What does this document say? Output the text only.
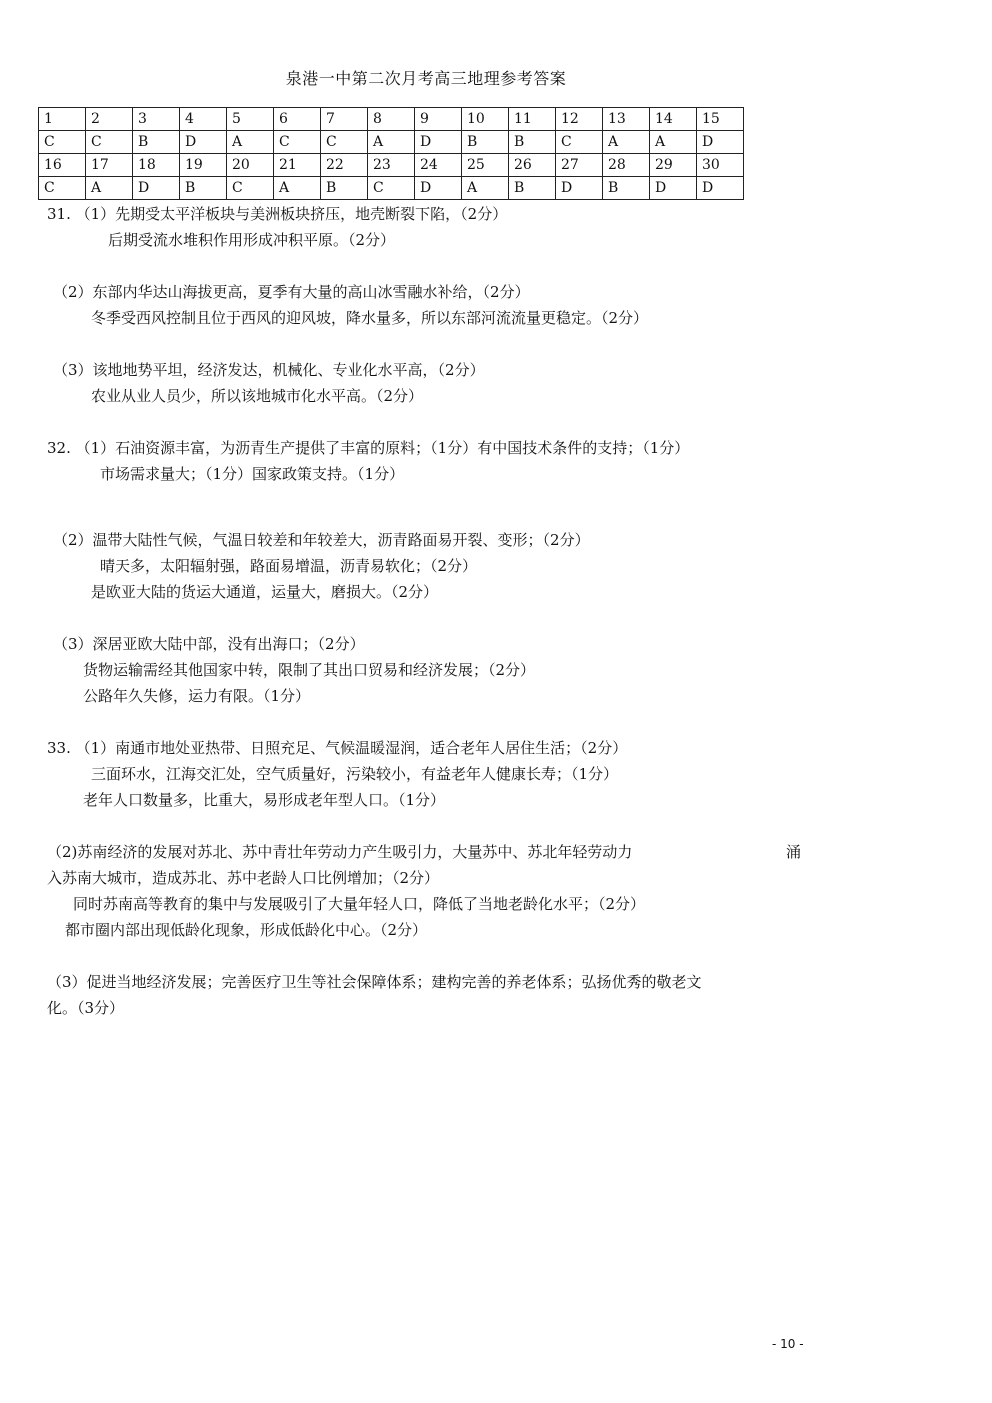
泉港一中第二次月考高三地理参考答案
1	2	3	4	5	6	7	8	9	10	11	12	13	14	15
C	C	B	D	A	C	C	A	D	B	B	C	A	A	D
16	17	18	19	20	21	22	23	24	25	26	27	28	29	30
C	A	D	B	C	A	B	C	D	A	B	D	B	D	D
31. （1）先期受太平洋板块与美洲板块挤压，地壳断裂下陷，（2分）
后期受流水堆积作用形成冲积平原。（2分）
（2）东部内华达山海拔更高，夏季有大量的高山冰雪融水补给，（2分）
冬季受西风控制且位于西风的迎风坡，降水量多，所以东部河流流量更稳定。（2分）
（3）该地地势平坦，经济发达，机械化、专业化水平高，（2分）
农业从业人员少，所以该地城市化水平高。（2分）
32. （1）石油资源丰富，为沥青生产提供了丰富的原料；（1分）有中国技术条件的支持；（1分）
市场需求量大；（1分）国家政策支持。（1分）
（2）温带大陆性气候，气温日较差和年较差大，沥青路面易开裂、变形；（2分）
晴天多，太阳辐射强，路面易增温，沥青易软化；（2分）
是欧亚大陆的货运大通道，运量大，磨损大。（2分）
（3）深居亚欧大陆中部，没有出海口；（2分）
货物运输需经其他国家中转，限制了其出口贸易和经济发展；（2分）
公路年久失修，运力有限。（1分）
33. （1）南通市地处亚热带、日照充足、气候温暖湿润，适合老年人居住生活；（2分）
三面环水，江海交汇处，空气质量好，污染较小，有益老年人健康长寿；（1分）
老年人口数量多，比重大，易形成老年型人口。（1分）
（2)苏南经济的发展对苏北、苏中青壮年劳动力产生吸引力，大量苏中、苏北年轻劳动力	涌
入苏南大城市，造成苏北、苏中老龄人口比例增加；（2分）
同时苏南高等教育的集中与发展吸引了大量年轻人口，降低了当地老龄化水平；（2分）
都市圈内部出现低龄化现象，形成低龄化中心。（2分）
（3）促进当地经济发展；完善医疗卫生等社会保障体系；建构完善的养老体系；弘扬优秀的敬老文
化。（3分）
- 10 -
